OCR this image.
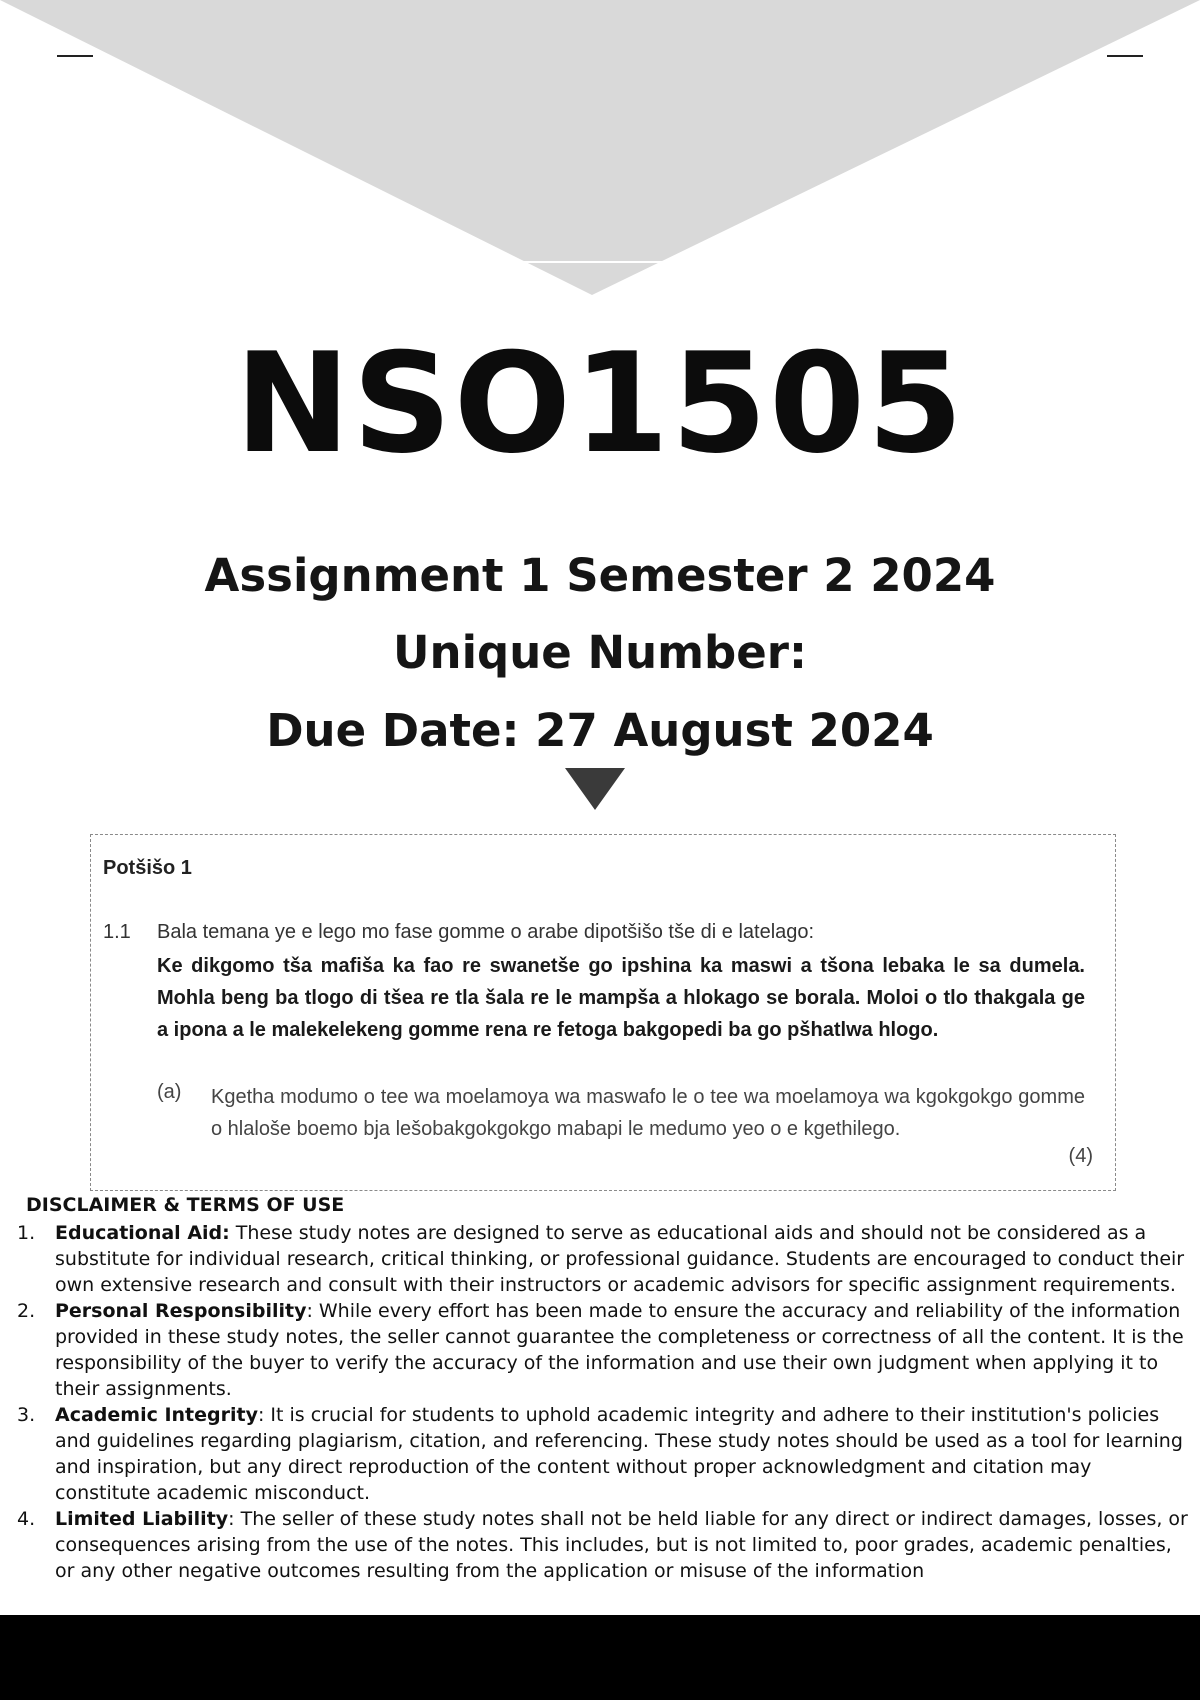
NSO1505
Assignment 1 Semester 2 2024
Unique Number:
Due Date: 27 August 2024
Potšišo 1
1.1 Bala temana ye e lego mo fase gomme o arabe dipotšišo tše di e latelago:
Ke dikgomo tša mafiša ka fao re swanetše go ipshina ka maswi a tšona lebaka le sa dumela. Mohla beng ba tlogo di tšea re tla šala re le mampša a hlokago se borala. Moloi o tlo thakgala ge a ipona a le malekelekeng gomme rena re fetoga bakgopedi ba go pšhatlwa hlogo.
(a) Kgetha modumo o tee wa moelamoya wa maswafo le o tee wa moelamoya wa kgokgokgo gomme o hlaloše boemo bja lešobakgokgokgo mabapi le medumo yeo o e kgethilego.
(4)
DISCLAIMER & TERMS OF USE
1. Educational Aid: These study notes are designed to serve as educational aids and should not be considered as a substitute for individual research, critical thinking, or professional guidance. Students are encouraged to conduct their own extensive research and consult with their instructors or academic advisors for specific assignment requirements.
2. Personal Responsibility: While every effort has been made to ensure the accuracy and reliability of the information provided in these study notes, the seller cannot guarantee the completeness or correctness of all the content. It is the responsibility of the buyer to verify the accuracy of the information and use their own judgment when applying it to their assignments.
3. Academic Integrity: It is crucial for students to uphold academic integrity and adhere to their institution's policies and guidelines regarding plagiarism, citation, and referencing. These study notes should be used as a tool for learning and inspiration, but any direct reproduction of the content without proper acknowledgment and citation may constitute academic misconduct.
4. Limited Liability: The seller of these study notes shall not be held liable for any direct or indirect damages, losses, or consequences arising from the use of the notes. This includes, but is not limited to, poor grades, academic penalties, or any other negative outcomes resulting from the application or misuse of the information
